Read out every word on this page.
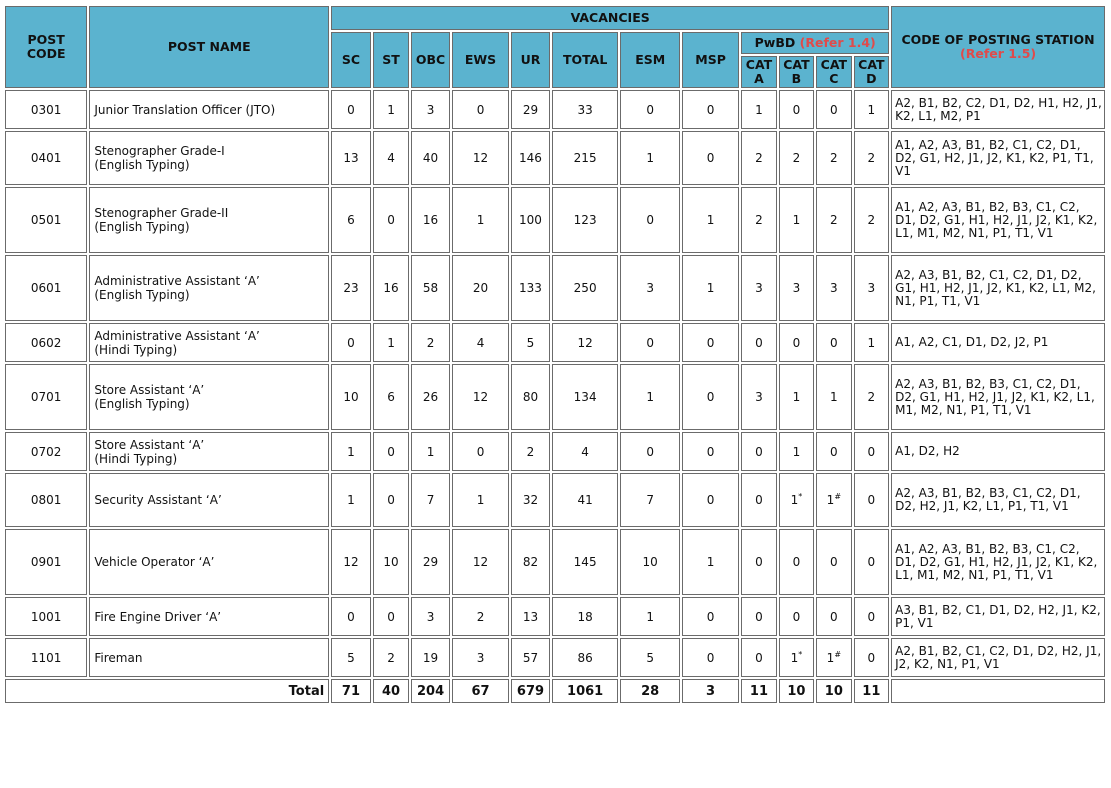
POST CODE	POST NAME	VACANCIES												CODE OF POSTING STATION
(Refer 1.5)

		SC	ST	OBC	EWS	UR	TOTAL	ESM	MSP	PwBD (Refer 1.4)				
										CAT A	CAT B	CAT C	CAT D	
0301	Junior Translation Officer (JTO)	0	1	3	0	29	33	0	0	1	0	0	1	A2, B1, B2, C2, D1, D2, H1, H2, J1, K2, L1, M2, P1
0401	Stenographer Grade-I
(English Typing)	13	4	40	12	146	215	1	0	2	2	2	2	A1, A2, A3, B1, B2, C1, C2, D1, D2, G1, H2, J1, J2, K1, K2, P1, T1, V1
0501	Stenographer Grade-II
(English Typing)	6	0	16	1	100	123	0	1	2	1	2	2	A1, A2, A3, B1, B2, B3, C1, C2, D1, D2, G1, H1, H2, J1, J2, K1, K2, L1, M1, M2, N1, P1, T1, V1
0601	Administrative Assistant ‘A’
(English Typing)	23	16	58	20	133	250	3	1	3	3	3	3	A2, A3, B1, B2, C1, C2, D1, D2, G1, H1, H2, J1, J2, K1, K2, L1, M2, N1, P1, T1, V1
0602	Administrative Assistant ‘A’
(Hindi Typing)	0	1	2	4	5	12	0	0	0	0	0	1	A1, A2, C1, D1, D2, J2, P1
0701	Store Assistant ‘A’
(English Typing)	10	6	26	12	80	134	1	0	3	1	1	2	A2, A3, B1, B2, B3, C1, C2, D1, D2, G1, H1, H2, J1, J2, K1, K2, L1, M1, M2, N1, P1, T1, V1
0702	Store Assistant ‘A’
(Hindi Typing)	1	0	1	0	2	4	0	0	0	1	0	0	A1, D2, H2
0801	Security Assistant ‘A’	1	0	7	1	32	41	7	0	0	1*	1#	0	A2, A3, B1, B2, B3, C1, C2, D1, D2, H2, J1, K2, L1, P1, T1, V1
0901	Vehicle Operator ‘A’	12	10	29	12	82	145	10	1	0	0	0	0	A1, A2, A3, B1, B2, B3, C1, C2, D1, D2, G1, H1, H2, J1, J2, K1, K2, L1, M1, M2, N1, P1, T1, V1
1001	Fire Engine Driver ‘A’	0	0	3	2	13	18	1	0	0	0	0	0	A3, B1, B2, C1, D1, D2, H2, J1, K2, P1, V1
1101	Fireman	5	2	19	3	57	86	5	0	0	1*	1#	0	A2, B1, B2, C1, C2, D1, D2, H2, J1, J2, K2, N1, P1, V1
Total		71	40	204	67	679	1061	28	3	11	10	10	11	
